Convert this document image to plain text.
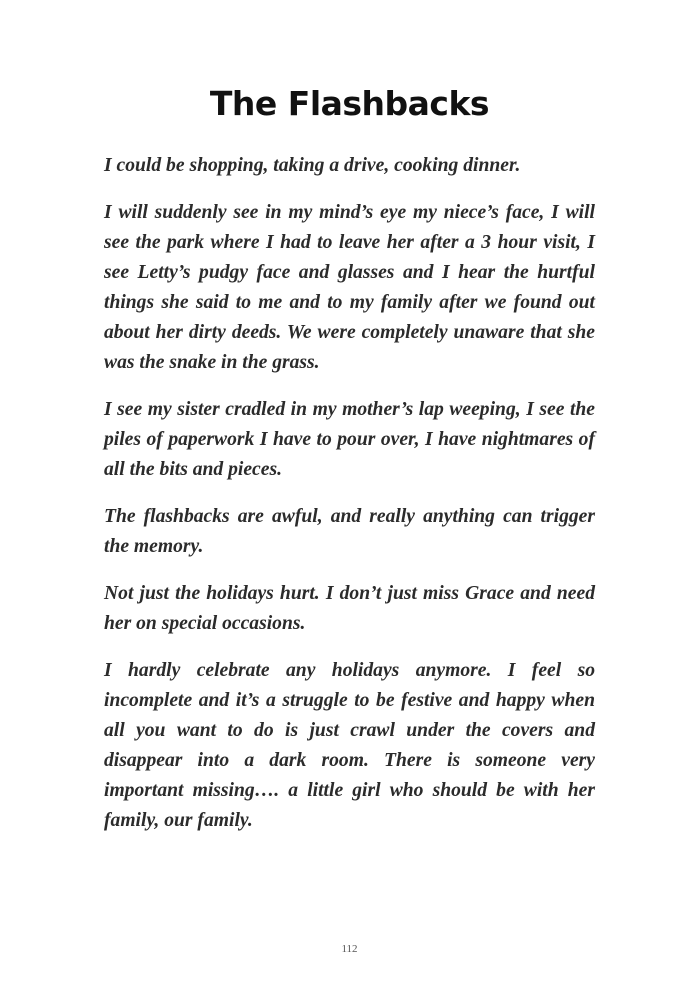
The Flashbacks

I could be shopping, taking a drive, cooking dinner.

I will suddenly see in my mind’s eye my niece’s face, I will see the park where I had to leave her after a 3 hour visit, I see Letty’s pudgy face and glasses and I hear the hurtful things she said to me and to my family after we found out about her dirty deeds. We were completely unaware that she was the snake in the grass.

I see my sister cradled in my mother’s lap weeping, I see the piles of paperwork I have to pour over, I have nightmares of all the bits and pieces.

The flashbacks are awful, and really anything can trigger the memory.

Not just the holidays hurt. I don’t just miss Grace and need her on special occasions.

I hardly celebrate any holidays anymore. I feel so incomplete and it’s a struggle to be festive and happy when all you want to do is just crawl under the covers and disappear into a dark room. There is someone very important missing…. a little girl who should be with her family, our family.

112
